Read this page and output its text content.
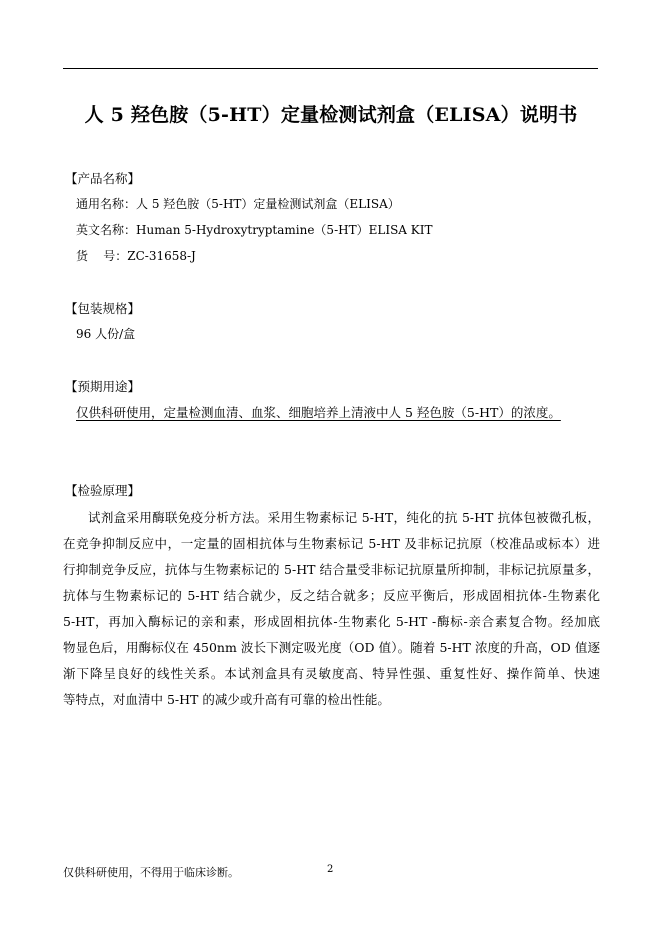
人 5 羟色胺（5-HT）定量检测试剂盒（ELISA）说明书
【产品名称】
通用名称：人 5 羟色胺（5-HT）定量检测试剂盒（ELISA）
英文名称：Human 5-Hydroxytryptamine（5-HT）ELISA KIT
货    号：ZC-31658-J
【包装规格】
96 人份/盒
【预期用途】
仅供科研使用，定量检测血清、血浆、细胞培养上清液中人 5 羟色胺（5-HT）的浓度。
【检验原理】
试剂盒采用酶联免疫分析方法。采用生物素标记 5-HT，纯化的抗 5-HT 抗体包被微孔板，
在竞争抑制反应中，一定量的固相抗体与生物素标记 5-HT 及非标记抗原（校准品或标本）进
行抑制竞争反应，抗体与生物素标记的 5-HT 结合量受非标记抗原量所抑制，非标记抗原量多，
抗体与生物素标记的 5-HT 结合就少，反之结合就多；反应平衡后，形成固相抗体-生物素化
5-HT，再加入酶标记的亲和素，形成固相抗体-生物素化 5-HT -酶标-亲合素复合物。经加底
物显色后，用酶标仪在 450nm 波长下测定吸光度（OD 值）。随着 5-HT 浓度的升高，OD 值逐
渐下降呈良好的线性关系。本试剂盒具有灵敏度高、特异性强、重复性好、操作简单、快速
等特点，对血清中 5-HT 的减少或升高有可靠的检出性能。
仅供科研使用，不得用于临床诊断。	2
